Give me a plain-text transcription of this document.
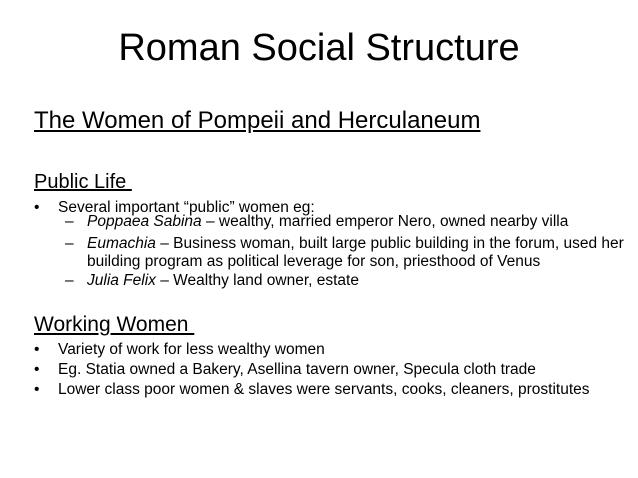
Roman Social Structure
The Women of Pompeii and Herculaneum
Public Life
• Several important “public” women eg:
– Poppaea Sabina – wealthy, married emperor Nero, owned nearby villa
– Eumachia – Business woman, built large public building in the forum, used her building program as political leverage for son, priesthood of Venus
– Julia Felix – Wealthy land owner, estate
Working Women
• Variety of work for less wealthy women
• Eg. Statia owned a Bakery, Asellina tavern owner, Specula cloth trade
• Lower class poor women & slaves were servants, cooks, cleaners, prostitutes
